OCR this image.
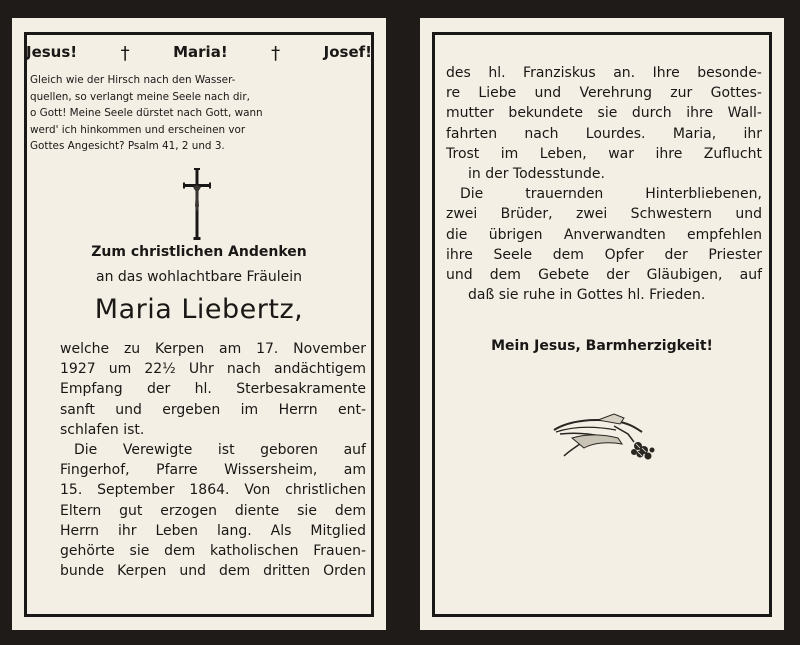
Jesus! †	Maria! †	Josef!
Gleich wie der Hirsch nach den Wasser-
quellen, so verlangt meine Seele nach dir,
o Gott! Meine Seele dürstet nach Gott, wann
werd' ich hinkommen und erscheinen vor
Gottes Angesicht? Psalm 41, 2 und 3.
Zum christlichen Andenken
an das wohlachtbare Fräulein
Maria Liebertz,
welche zu Kerpen am 17. November
1927 um 22½ Uhr nach andächtigem
Empfang der hl. Sterbesakramente
sanft und ergeben im Herrn ent-
schlafen ist.
Die Verewigte ist geboren auf
Fingerhof, Pfarre Wissersheim, am
15. September 1864. Von christlichen
Eltern gut erzogen diente sie dem
Herrn ihr Leben lang. Als Mitglied
gehörte sie dem katholischen Frauen-
bunde Kerpen und dem dritten Orden
des hl. Franziskus an. Ihre besonde-
re Liebe und Verehrung zur Gottes-
mutter bekundete sie durch ihre Wall-
fahrten nach Lourdes. Maria, ihr
Trost im Leben, war ihre Zuflucht
in der Todesstunde.
Die trauernden Hinterbliebenen,
zwei Brüder, zwei Schwestern und
die übrigen Anverwandten empfehlen
ihre Seele dem Opfer der Priester
und dem Gebete der Gläubigen, auf
daß sie ruhe in Gottes hl. Frieden.
Mein Jesus, Barmherzigkeit!
